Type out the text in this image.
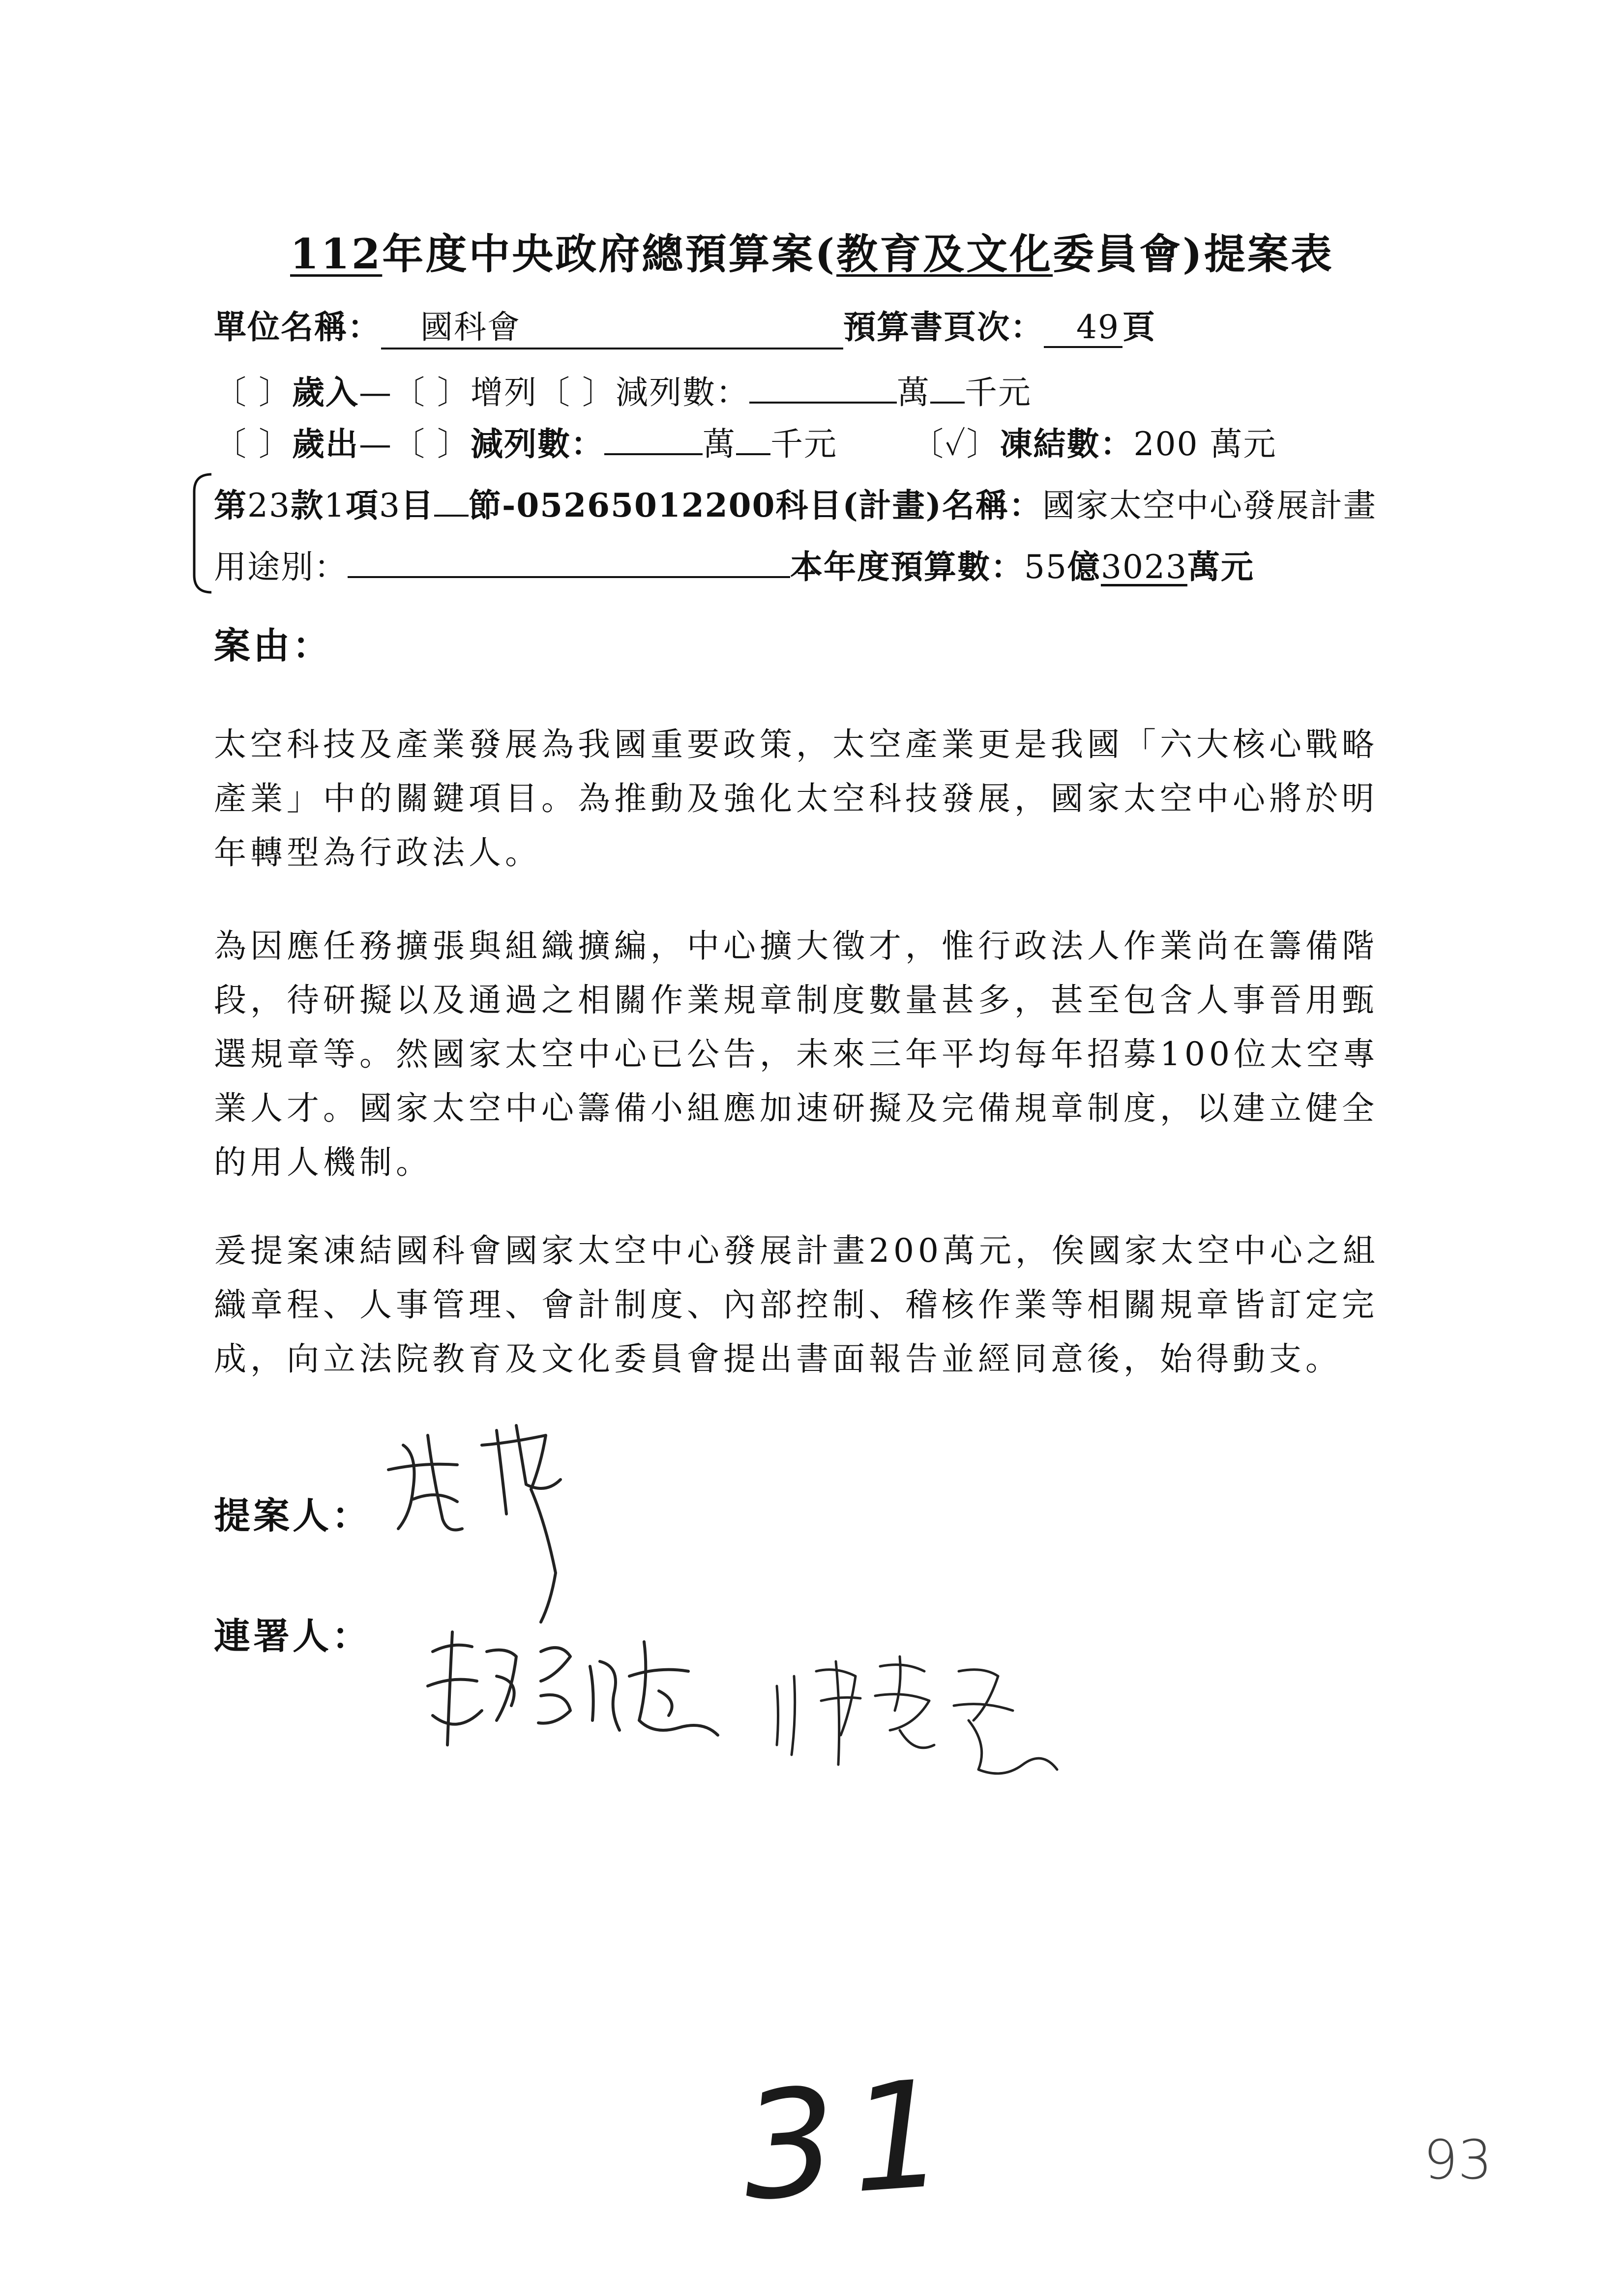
112年度中央政府總預算案(教育及文化委員會)提案表
單位名稱： 國科會	預算書頁次： 49頁
〔 〕歲入—〔 〕增列〔 〕減列數：	萬 千元
〔 〕歲出—〔 〕減列數：	萬 千元 〔✓〕凍結數：200 萬元
第23款1項3目 節-05265012200科目(計畫)名稱：國家太空中心發展計畫
用途別：	本年度預算數：55億3023萬元
案由：
太空科技及產業發展為我國重要政策，太空產業更是我國「六大核心戰略產業」中的關鍵項目。為推動及強化太空科技發展，國家太空中心將於明年轉型為行政法人。
為因應任務擴張與組織擴編，中心擴大徵才，惟行政法人作業尚在籌備階段，待研擬以及通過之相關作業規章制度數量甚多，甚至包含人事晉用甄選規章等。然國家太空中心已公告，未來三年平均每年招募100位太空專業人才。國家太空中心籌備小組應加速研擬及完備規章制度，以建立健全的用人機制。
爰提案凍結國科會國家太空中心發展計畫200萬元，俟國家太空中心之組織章程、人事管理、會計制度、內部控制、稽核作業等相關規章皆訂定完成，向立法院教育及文化委員會提出書面報告並經同意後，始得動支。
提案人：
連署人：
31	93
